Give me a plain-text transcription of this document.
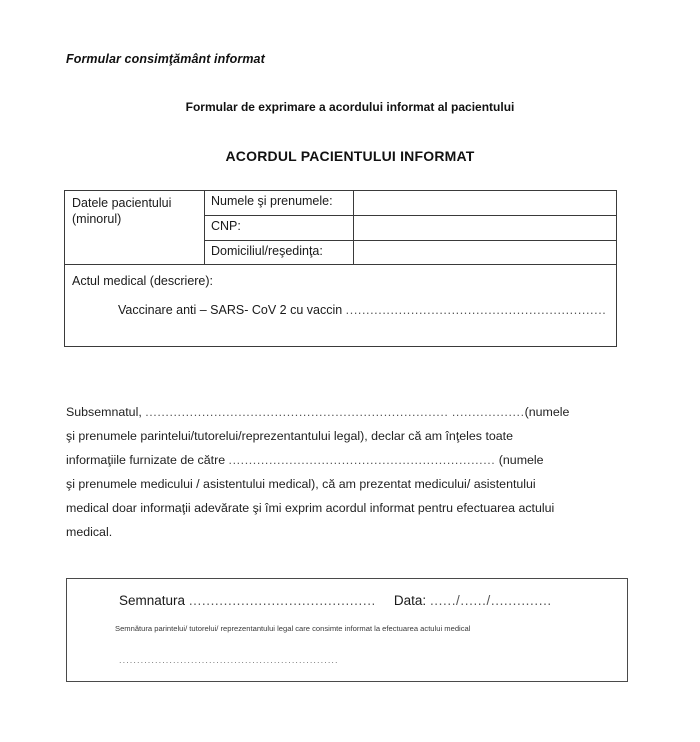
Formular consimţământ informat
Formular de exprimare a acordului informat al pacientului
ACORDUL PACIENTULUI INFORMAT
Datele pacientului (minorul)	Numele şi prenumele:	

	CNP:	

	Domiciliul/reşedinţa:	

Actul medical (descriere):
Vaccinare anti – SARS- CoV 2 cu vaccin ................................................................		
Subsemnatul, ........................................................................... ..................(numele
şi prenumele parintelui/tutorelui/reprezentantului legal), declar că am înţeles toate
informaţiile furnizate de către .................................................................. (numele
şi prenumele medicului / asistentului medical), că am prezentat medicului/ asistentului
medical doar informaţii adevărate şi îmi exprim acordul informat pentru efectuarea actului
medical.
Semnatura ........................................... Data: ....../....../..............
Semnătura parintelui/ tutorelui/ reprezentantului legal care consimte informat la efectuarea actului medical
.............................................................
